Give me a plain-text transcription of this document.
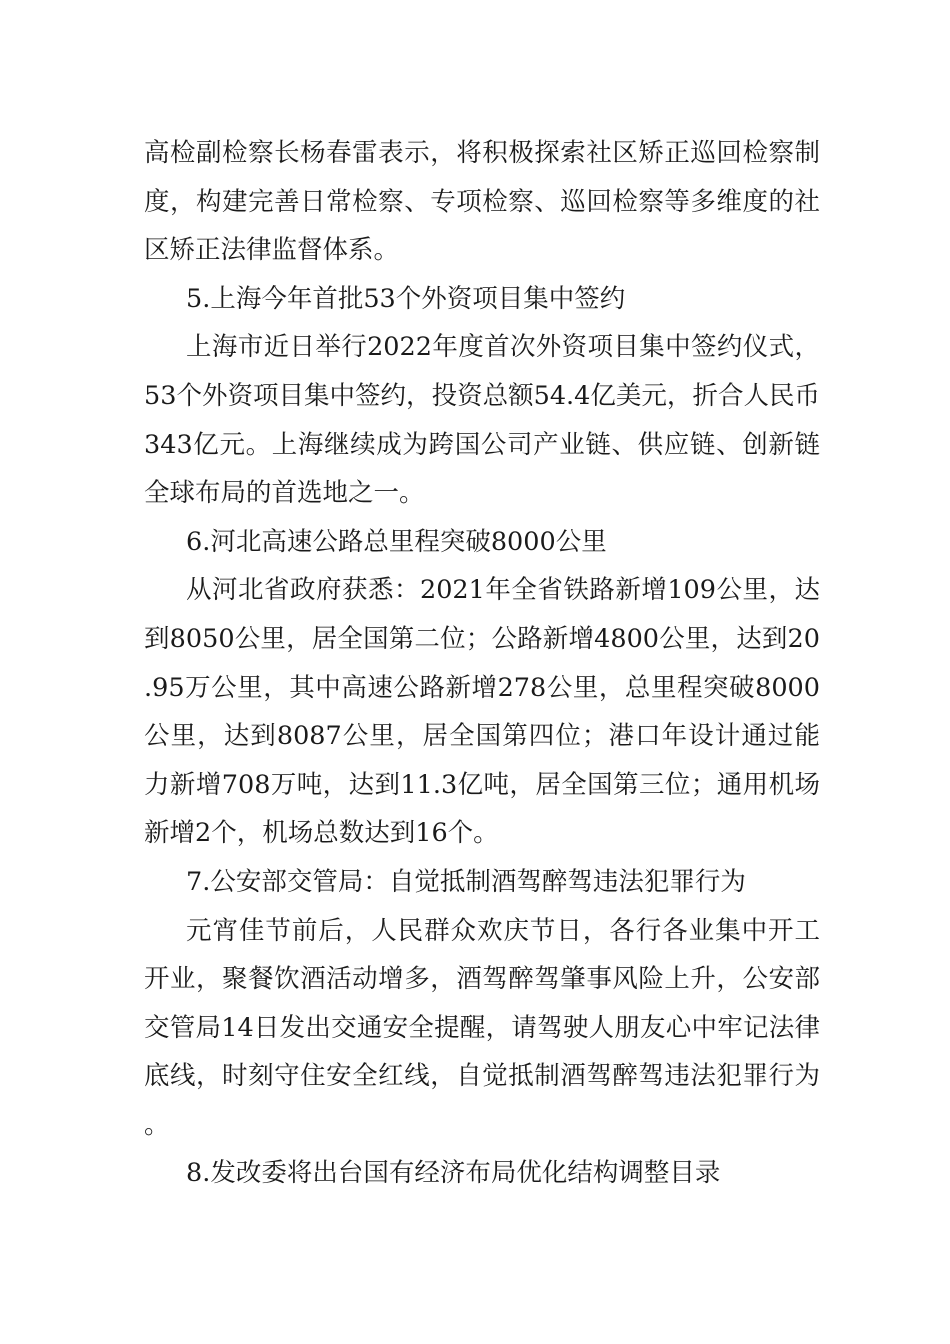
高检副检察长杨春雷表示，将积极探索社区矫正巡回检察制度，构建完善日常检察、专项检察、巡回检察等多维度的社区矫正法律监督体系。

5.上海今年首批53个外资项目集中签约

上海市近日举行2022年度首次外资项目集中签约仪式，53个外资项目集中签约，投资总额54.4亿美元，折合人民币343亿元。上海继续成为跨国公司产业链、供应链、创新链全球布局的首选地之一。

6.河北高速公路总里程突破8000公里

从河北省政府获悉：2021年全省铁路新增109公里，达到8050公里，居全国第二位；公路新增4800公里，达到20.95万公里，其中高速公路新增278公里，总里程突破8000公里，达到8087公里，居全国第四位；港口年设计通过能力新增708万吨，达到11.3亿吨，居全国第三位；通用机场新增2个，机场总数达到16个。

7.公安部交管局：自觉抵制酒驾醉驾违法犯罪行为

元宵佳节前后，人民群众欢庆节日，各行各业集中开工开业，聚餐饮酒活动增多，酒驾醉驾肇事风险上升，公安部交管局14日发出交通安全提醒，请驾驶人朋友心中牢记法律底线，时刻守住安全红线，自觉抵制酒驾醉驾违法犯罪行为。

8.发改委将出台国有经济布局优化结构调整目录
